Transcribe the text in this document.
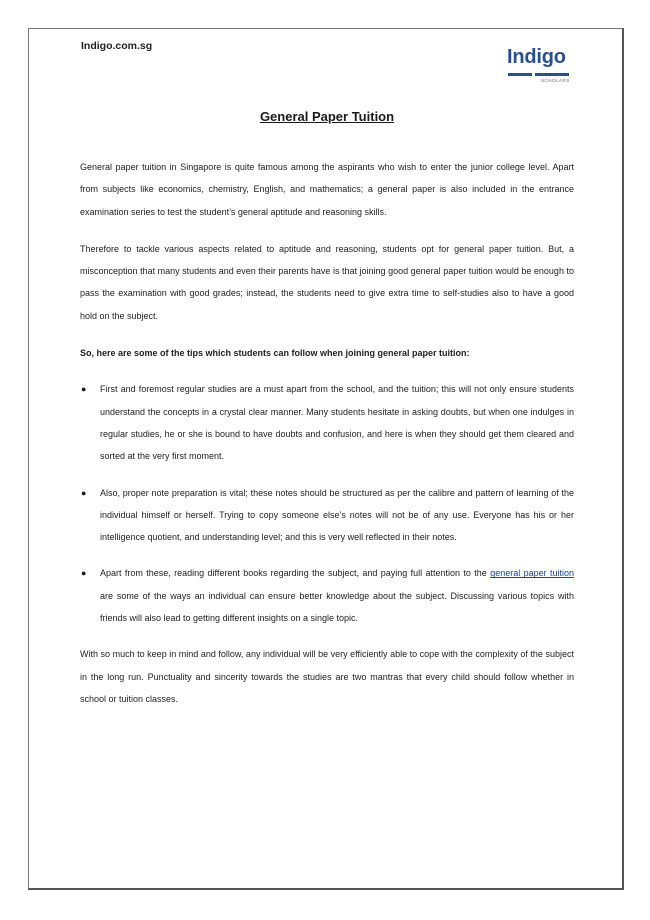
Indigo.com.sg	Indigo
SCHOLARS
General Paper Tuition

General paper tuition in Singapore is quite famous among the aspirants who wish to enter the junior college level. Apart from subjects like economics, chemistry, English, and mathematics; a general paper is also included in the entrance examination series to test the student’s general aptitude and reasoning skills.

Therefore to tackle various aspects related to aptitude and reasoning, students opt for general paper tuition. But, a misconception that many students and even their parents have is that joining good general paper tuition would be enough to pass the examination with good grades; instead, the students need to give extra time to self-studies also to have a good hold on the subject.

So, here are some of the tips which students can follow when joining general paper tuition:

● First and foremost regular studies are a must apart from the school, and the tuition; this will not only ensure students understand the concepts in a crystal clear manner. Many students hesitate in asking doubts, but when one indulges in regular studies, he or she is bound to have doubts and confusion, and here is when they should get them cleared and sorted at the very first moment.
● Also, proper note preparation is vital; these notes should be structured as per the calibre and pattern of learning of the individual himself or herself. Trying to copy someone else’s notes will not be of any use. Everyone has his or her intelligence quotient, and understanding level; and this is very well reflected in their notes.
● Apart from these, reading different books regarding the subject, and paying full attention to the general paper tuition are some of the ways an individual can ensure better knowledge about the subject. Discussing various topics with friends will also lead to getting different insights on a single topic.

With so much to keep in mind and follow, any individual will be very efficiently able to cope with the complexity of the subject in the long run. Punctuality and sincerity towards the studies are two mantras that every child should follow whether in school or tuition classes.
